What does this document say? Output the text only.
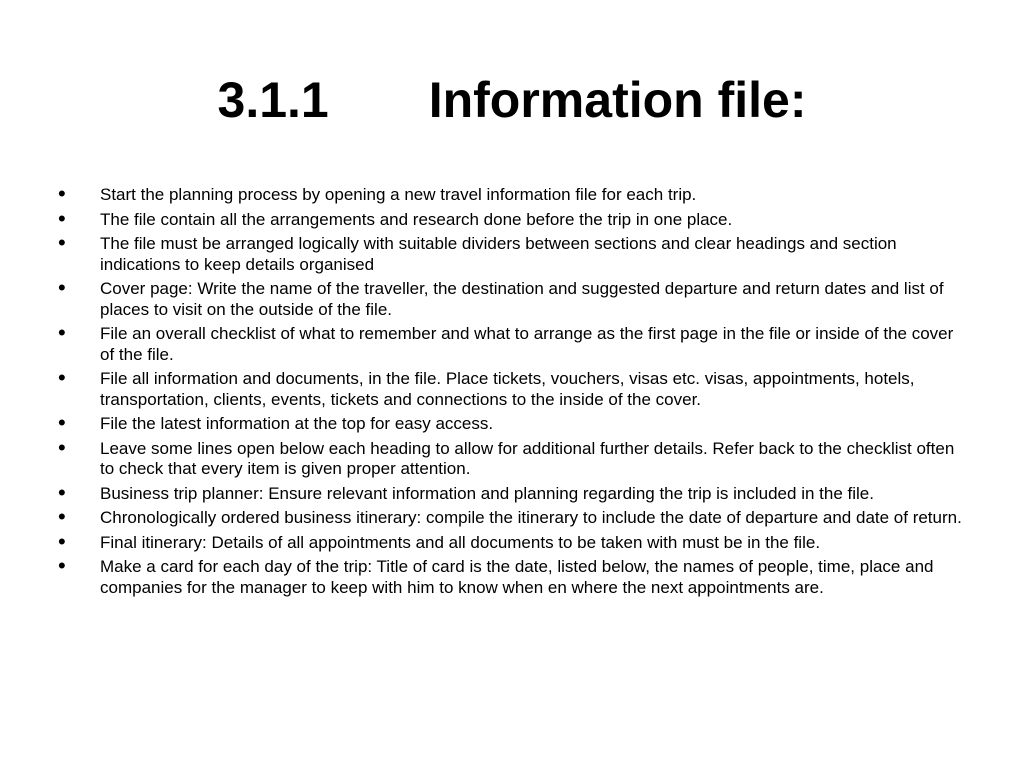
3.1.1  Information file:
• Start the planning process by opening a new travel information file for each trip.
• The file contain all the arrangements and research done before the trip in one place.
• The file must be arranged logically with suitable dividers between sections and clear headings and section indications to keep details organised
• Cover page: Write the name of the traveller, the destination and suggested departure and return dates and list of places to visit on the outside of the file.
• File an overall checklist of what to remember and what to arrange as the first page in the file or inside of the cover of the file.
• File all information and documents, in the file. Place tickets, vouchers, visas etc. visas, appointments, hotels, transportation, clients, events, tickets and connections to the inside of the cover.
• File the latest information at the top for easy access.
• Leave some lines open below each heading to allow for additional further details. Refer back to the checklist often to check that every item is given proper attention.
• Business trip planner: Ensure relevant information and planning regarding the trip is included in the file.
• Chronologically ordered business itinerary: compile the itinerary to include the date of departure and date of return.
• Final itinerary: Details of all appointments and all documents to be taken with must be in the file.
• Make a card for each day of the trip: Title of card is the date, listed below, the names of people, time, place and companies for the manager to keep with him to know when en where the next appointments are.
